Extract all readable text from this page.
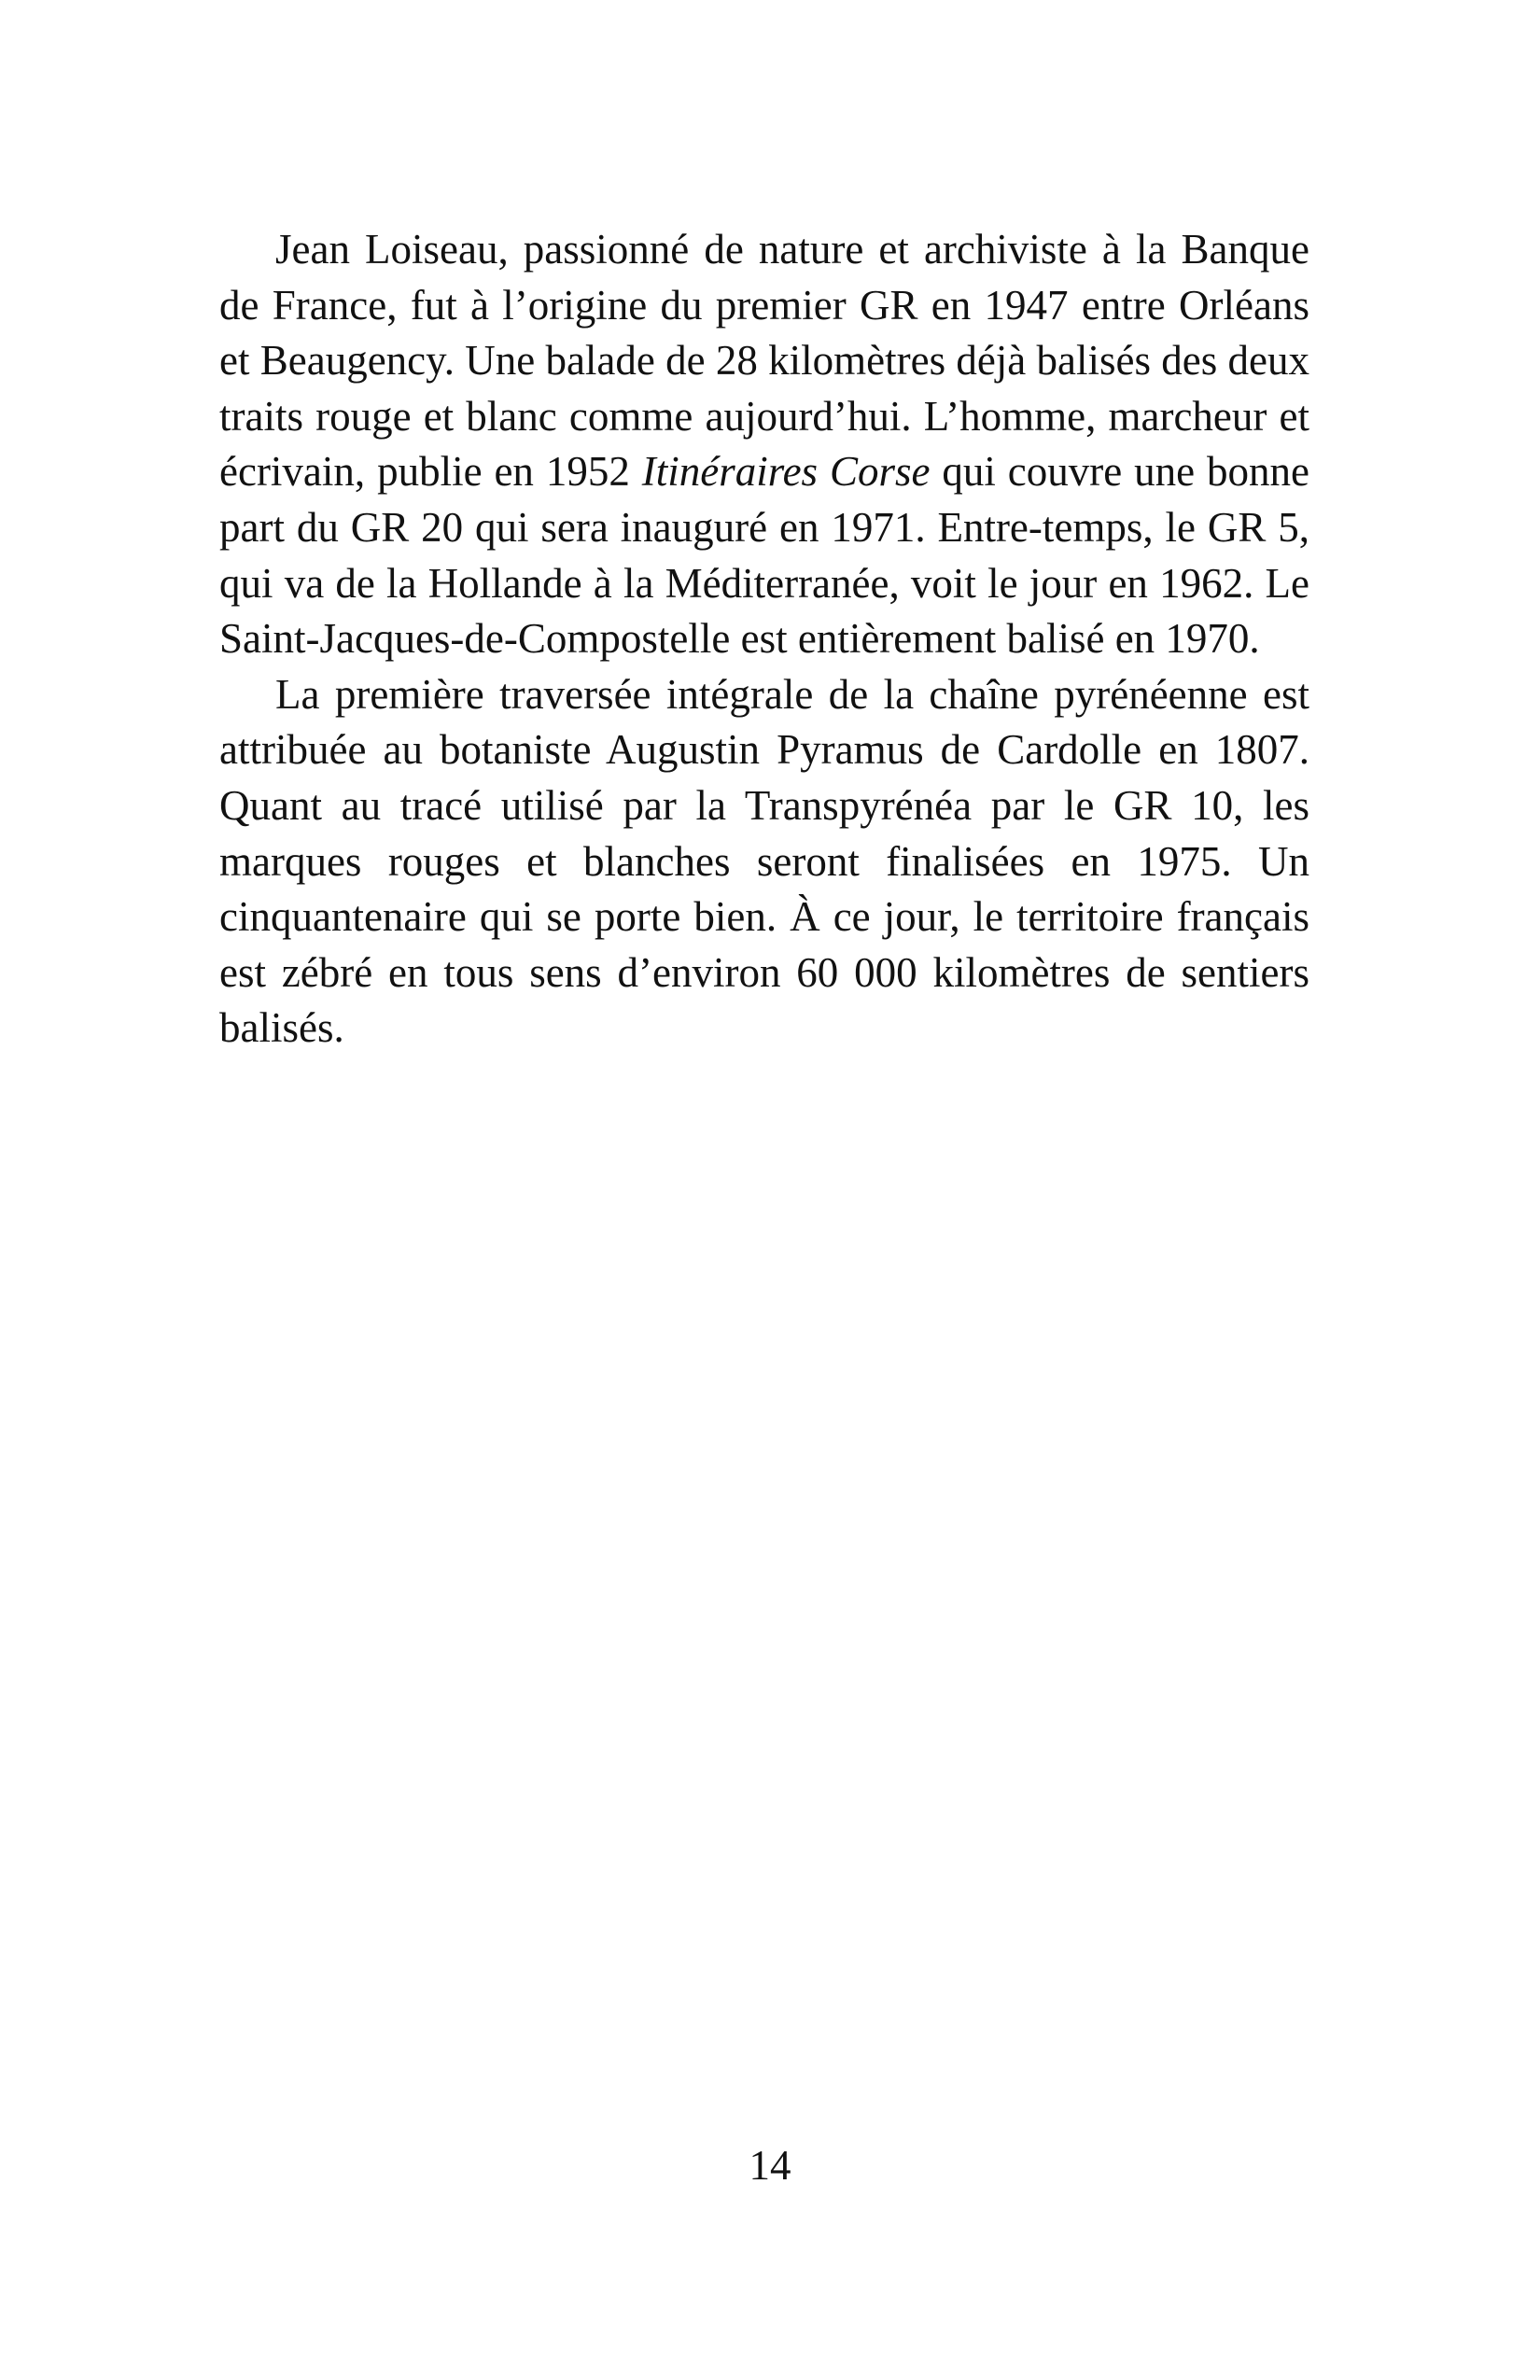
Jean Loiseau, passionné de nature et archiviste à la Banque de France, fut à l’origine du premier GR en 1947 entre Orléans et Beaugency. Une balade de 28 kilomètres déjà balisés des deux traits rouge et blanc comme aujourd’hui. L’homme, marcheur et écrivain, publie en 1952 Itinéraires Corse qui couvre une bonne part du GR 20 qui sera inauguré en 1971. Entre-temps, le GR 5, qui va de la Hollande à la Méditerranée, voit le jour en 1962. Le Saint-Jacques-de-Compostelle est entièrement balisé en 1970.

La première traversée intégrale de la chaîne pyrénéenne est attribuée au botaniste Augustin Pyramus de Cardolle en 1807. Quant au tracé utilisé par la Transpyrénéa par le GR 10, les marques rouges et blanches seront finalisées en 1975. Un cinquantenaire qui se porte bien. À ce jour, le territoire français est zébré en tous sens d’environ 60 000 kilomètres de sentiers balisés.

14
